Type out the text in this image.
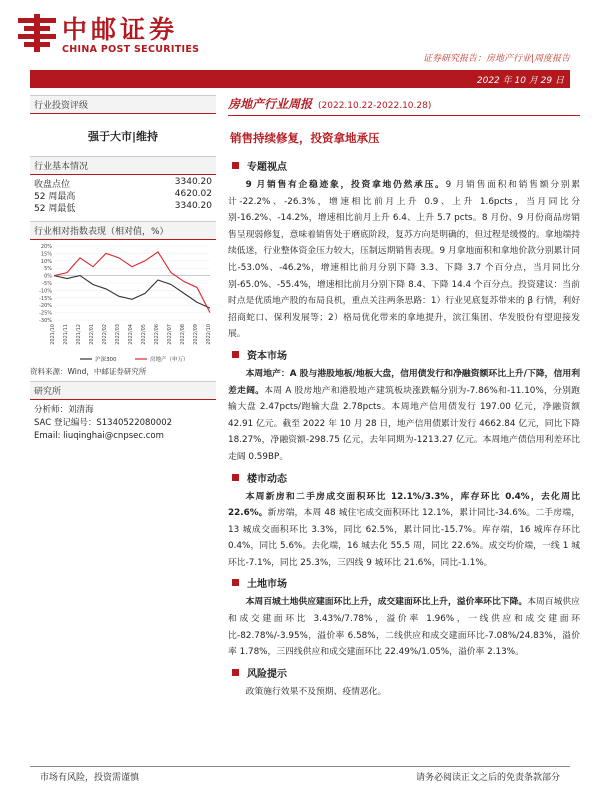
中邮证券
CHINA POST SECURITIES
证券研究报告：房地产行业|周度报告
2022 年 10 月 29 日
行业投资评级
强于大市|维持
行业基本情况
收盘点位	3340.20
52 周最高	4620.02
52 周最低	3340.20
行业相对指数表现（相对值，%）
20%
15%
10%
5%
0%
-5%
-10%
-15%
-20%
-25%
-30%
2021/10 2021/11 2021/12 2022/01 2022/02 2022/03 2022/04 2022/05 2022/06 2022/07 2022/08 2022/09 2022/10
沪深300	房地产（申万）
资料来源：Wind，中邮证券研究所
研究所
分析师：刘清海
SAC 登记编号：S1340522080002
Email: liuqinghai@cnpsec.com
房地产行业周报 (2022.10.22-2022.10.28)
销售持续修复，投资拿地承压
专题视点
9 月销售有企稳迹象，投资拿地仍然承压。9 月销售面积和销售额分别累计-22.2%、-26.3%，增速相比前月上升 0.9、上升 1.6pcts，当月同比分别-16.2%、-14.2%，增速相比前月上升 6.4、上升 5.7 pcts。8 月份、9 月份商品房销售呈现弱修复，意味着销售处于磨底阶段，复苏方向是明确的，但过程是缓慢的。拿地端持续低迷，行业整体资金压力较大，压制远期销售表现。9 月拿地面积和拿地价款分别累计同比-53.0%、-46.2%，增速相比前月分别下降 3.3、下降 3.7 个百分点，当月同比分别-65.0%、-55.4%，增速相比前月分别下降 8.4、下降 14.4 个百分点。投资建议：当前时点是优质地产股的布局良机，重点关注两条思路：1）行业见底复苏带来的 β 行情，利好招商蛇口、保利发展等；2）格局优化带来的拿地提升，滨江集团、华发股份有望迎接发展。
资本市场
本周地产：A 股与港股地板/地板大盘，信用债发行和净融资额环比上升/下降，信用利差走阔。本周 A 股房地产和港股地产建筑板块涨跌幅分别为-7.86%和-11.10%，分别跑输大盘 2.47pcts/跑输大盘 2.78pcts。本周地产信用债发行 197.00 亿元，净融资额 42.91 亿元。截至 2022 年 10 月 28 日，地产信用债累计发行 4662.84 亿元，同比下降 18.27%，净融资额-298.75 亿元，去年同期为-1213.27 亿元。本周地产债信用利差环比走阔 0.59BP。
楼市动态
本周新房和二手房成交面积环比 12.1%/3.3%，库存环比 0.4%，去化周比 22.6%。新房端，本周 48 城住宅成交面积环比 12.1%，累计同比-34.6%。二手房端，13 城成交面积环比 3.3%，同比 62.5%，累计同比-15.7%。库存端，16 城库存环比 0.4%，同比 5.6%。去化端，16 城去化 55.5 周，同比 22.6%。成交均价端，一线 1 城环比-7.1%，同比 25.3%，三四线 9 城环比 21.6%，同比-1.1%。
土地市场
本周百城土地供应建面环比上升，成交建面环比上升，溢价率环比下降。本周百城供应和成交建面环比 3.43%/7.78%，溢价率 1.96%，一线供应和成交建面环比-82.78%/-3.95%，溢价率 6.58%，二线供应和成交建面环比-7.08%/24.83%，溢价率 1.78%，三四线供应和成交建面环比 22.49%/1.05%，溢价率 2.13%。
风险提示
政策施行效果不及预期、疫情恶化。
市场有风险，投资需谨慎	请务必阅读正文之后的免责条款部分
